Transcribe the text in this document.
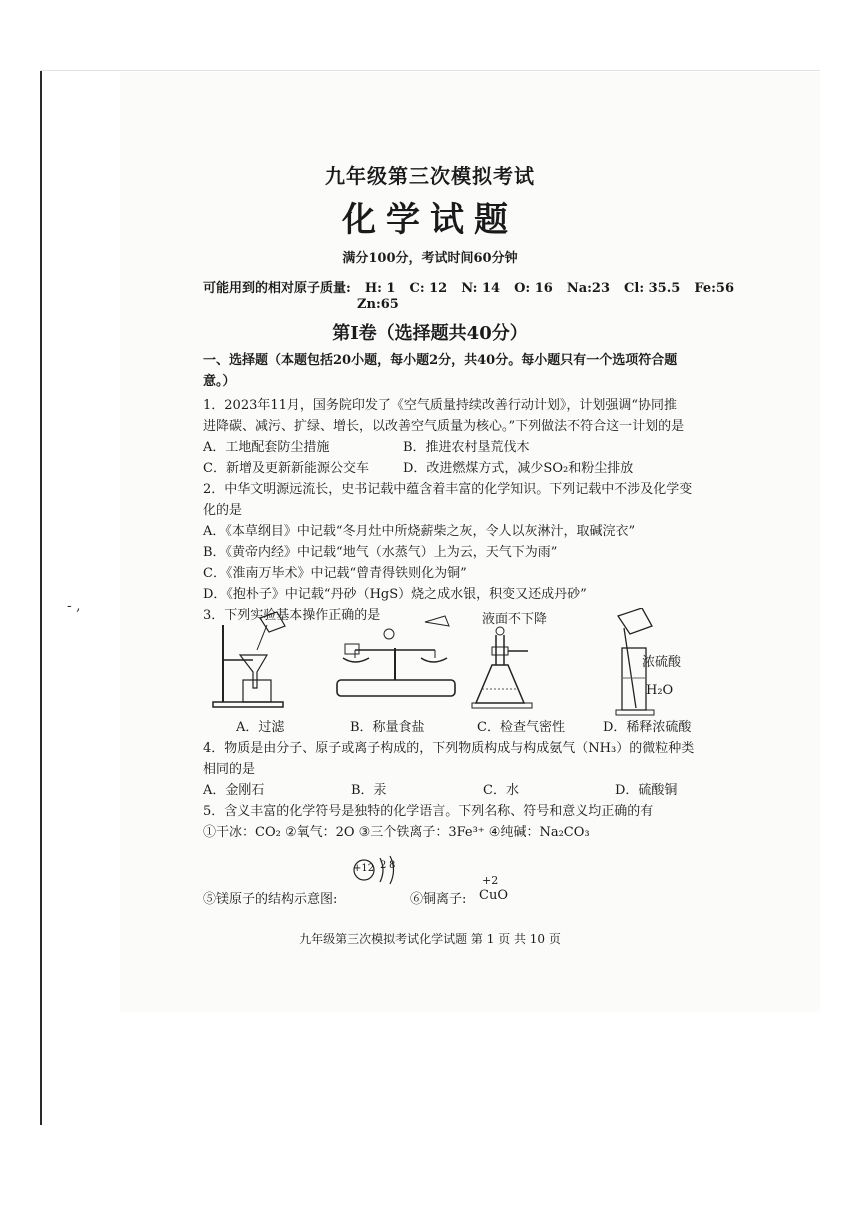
九年级第三次模拟考试
化学试题
满分100分，考试时间60分钟
可能用到的相对原子质量: H: 1 C: 12 N: 14 O: 16 Na:23 Cl: 35.5 Fe:56
Zn:65
第Ⅰ卷（选择题共40分）
一、选择题（本题包括20小题，每小题2分，共40分。每小题只有一个选项符合题
意。）
1．2023年11月，国务院印发了《空气质量持续改善行动计划》，计划强调“协同推
进降碳、减污、扩绿、增长，以改善空气质量为核心。”下列做法不符合这一计划的是
A．工地配套防尘措施	B．推进农村垦荒伐木
C．新增及更新新能源公交车	D．改进燃煤方式，减少SO₂和粉尘排放
2．中华文明源远流长，史书记载中蕴含着丰富的化学知识。下列记载中不涉及化学变
化的是
A．《本草纲目》中记载“冬月灶中所烧薪柴之灰，令人以灰淋汁，取碱浣衣”
B．《黄帝内经》中记载“地气（水蒸气）上为云，天气下为雨”
C．《淮南万毕术》中记载“曾青得铁则化为铜”
D．《抱朴子》中记载“丹砂（HgS）烧之成水银，积变又还成丹砂”
3．下列实验基本操作正确的是	液面不下降
浓硫酸
H₂O
A．过滤	B．称量食盐	C．检查气密性	D．稀释浓硫酸
4．物质是由分子、原子或离子构成的，下列物质构成与构成氨气（NH₃）的微粒种类
相同的是
A．金刚石	B．汞	C．水	D．硫酸铜
5．含义丰富的化学符号是独特的化学语言。下列名称、符号和意义均正确的有
①干冰：CO₂ ②氧气：2O ③三个铁离子：3Fe³⁺ ④纯碱：Na₂CO₃
+12 2 8
⑤镁原子的结构示意图:	⑥铜离子:
+2
CuO
九年级第三次模拟考试化学试题 第 1 页 共 10 页
- ,
